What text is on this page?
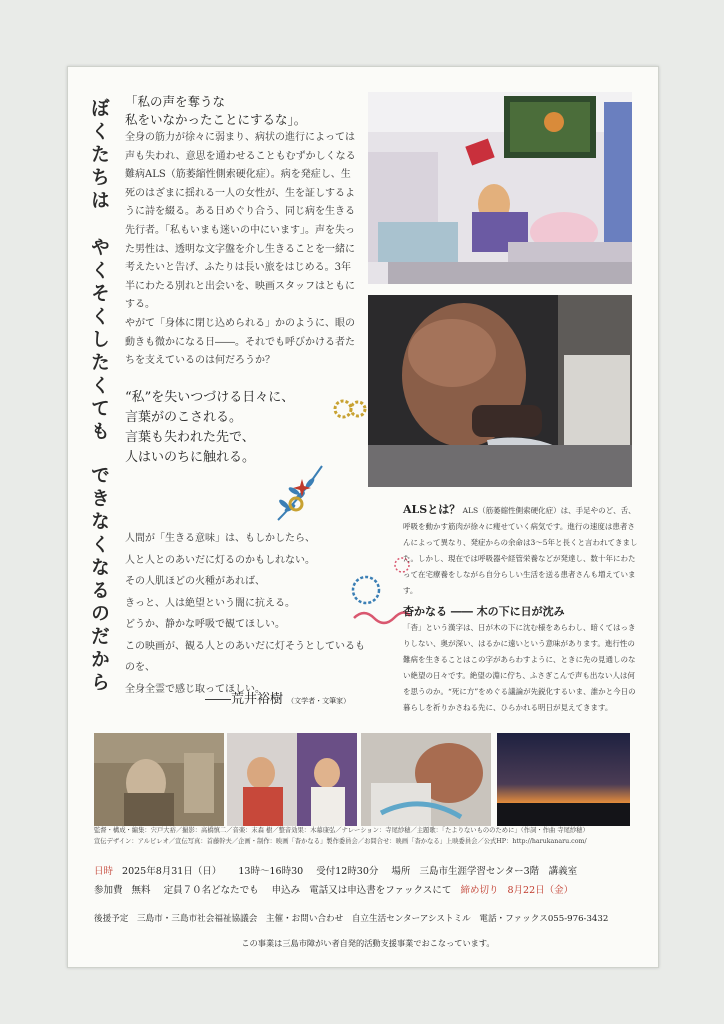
ぼくたちは
やくそくしたくても
できなくなるのだから

「私の声を奪うな

私をいなかったことにするな」。

全身の筋力が徐々に弱まり、病状の進行によっては声も失われ、意思を通わせることもむずかしくなる難病ALS（筋萎縮性側索硬化症）。病を発症し、生死のはざまに揺れる一人の女性が、生を証しするように詩を綴る。ある日めぐり合う、同じ病を生きる先行者。「私もいまも迷いの中にいます」。声を失った男性は、透明な文字盤を介し生きることを一緒に考えたいと告げ、ふたりは長い旅をはじめる。3年半にわたる別れと出会いを、映画スタッフはともにする。

やがて「身体に閉じ込められる」かのように、眼の動きも微かになる日――。それでも呼びかける者たちを支えているのは何だろうか？

“私”を失いつづける日々に、

言葉がのこされる。

言葉も失われた先で、

人はいのちに触れる。

人間が「生きる意味」は、もしかしたら、

人と人とのあいだに灯るのかもしれない。

その人肌ほどの火種があれば、

きっと、人は絶望という闇に抗える。

どうか、静かな呼吸で観てほしい。

この映画が、観る人とのあいだに灯そうとしているものを、

全身全霊で感じ取ってほしい。

――荒井裕樹 （文学者・文筆家）

ALSとは？ ALS（筋萎縮性側索硬化症）は、手足やのど、舌、呼吸を動かす筋肉が徐々に痩せていく病気です。進行の速度は患者さんによって異なり、発症からの余命は3～5年と長くと言われてきました。しかし、現在では呼吸器や経管栄養などが発達し、数十年にわたって在宅療養をしながら自分らしい生活を送る患者さんも増えています。

杳かなる ―― 木の下に日が沈み

「杳」という漢字は、日が木の下に沈む様をあらわし、暗くてはっきりしない、奥が深い、はるかに遠いという意味があります。進行性の難病を生きることはこの字があらわすように、ときに先の見通しのない絶望の日々です。絶望の淵に佇ち、ふさぎこんで声も出ない人は何を思うのか。“死に方”をめぐる議論が先鋭化するいま、誰かと今日の暮らしを祈りかさねる先に、ひらかれる明日が見えてきます。

監督・構成・編集：宍戸大裕／撮影：高橋慎二／音楽：末森 樹／整音効果：木幕康弘／ナレーション：寺尾紗穂／主題歌：「たよりないもののために」（作詞・作曲 寺尾紗穂）

宣伝デザイン：アルビレオ／宣伝写真：首藤幹夫／企画・制作：映画「杳かなる」製作委員会／お問合せ：映画「杳かなる」上映委員会／公式HP：http://harukanaru.com/

日時 2025年8月31日（日） 13時～16時30 受付12時30分 場所 三島市生涯学習センター3階　講義室

参加費 無料 定員７０名どなたでも 申込み 電話又は申込書をファックスにて 締め切り 8月22日（金）

後援予定　三島市・三島市社会福祉協議会　主催・お問い合わせ　自立生活センターアシストミル　電話・ファックス055-976-3432
この事業は三島市障がい者自発的活動支援事業でおこなっています。
